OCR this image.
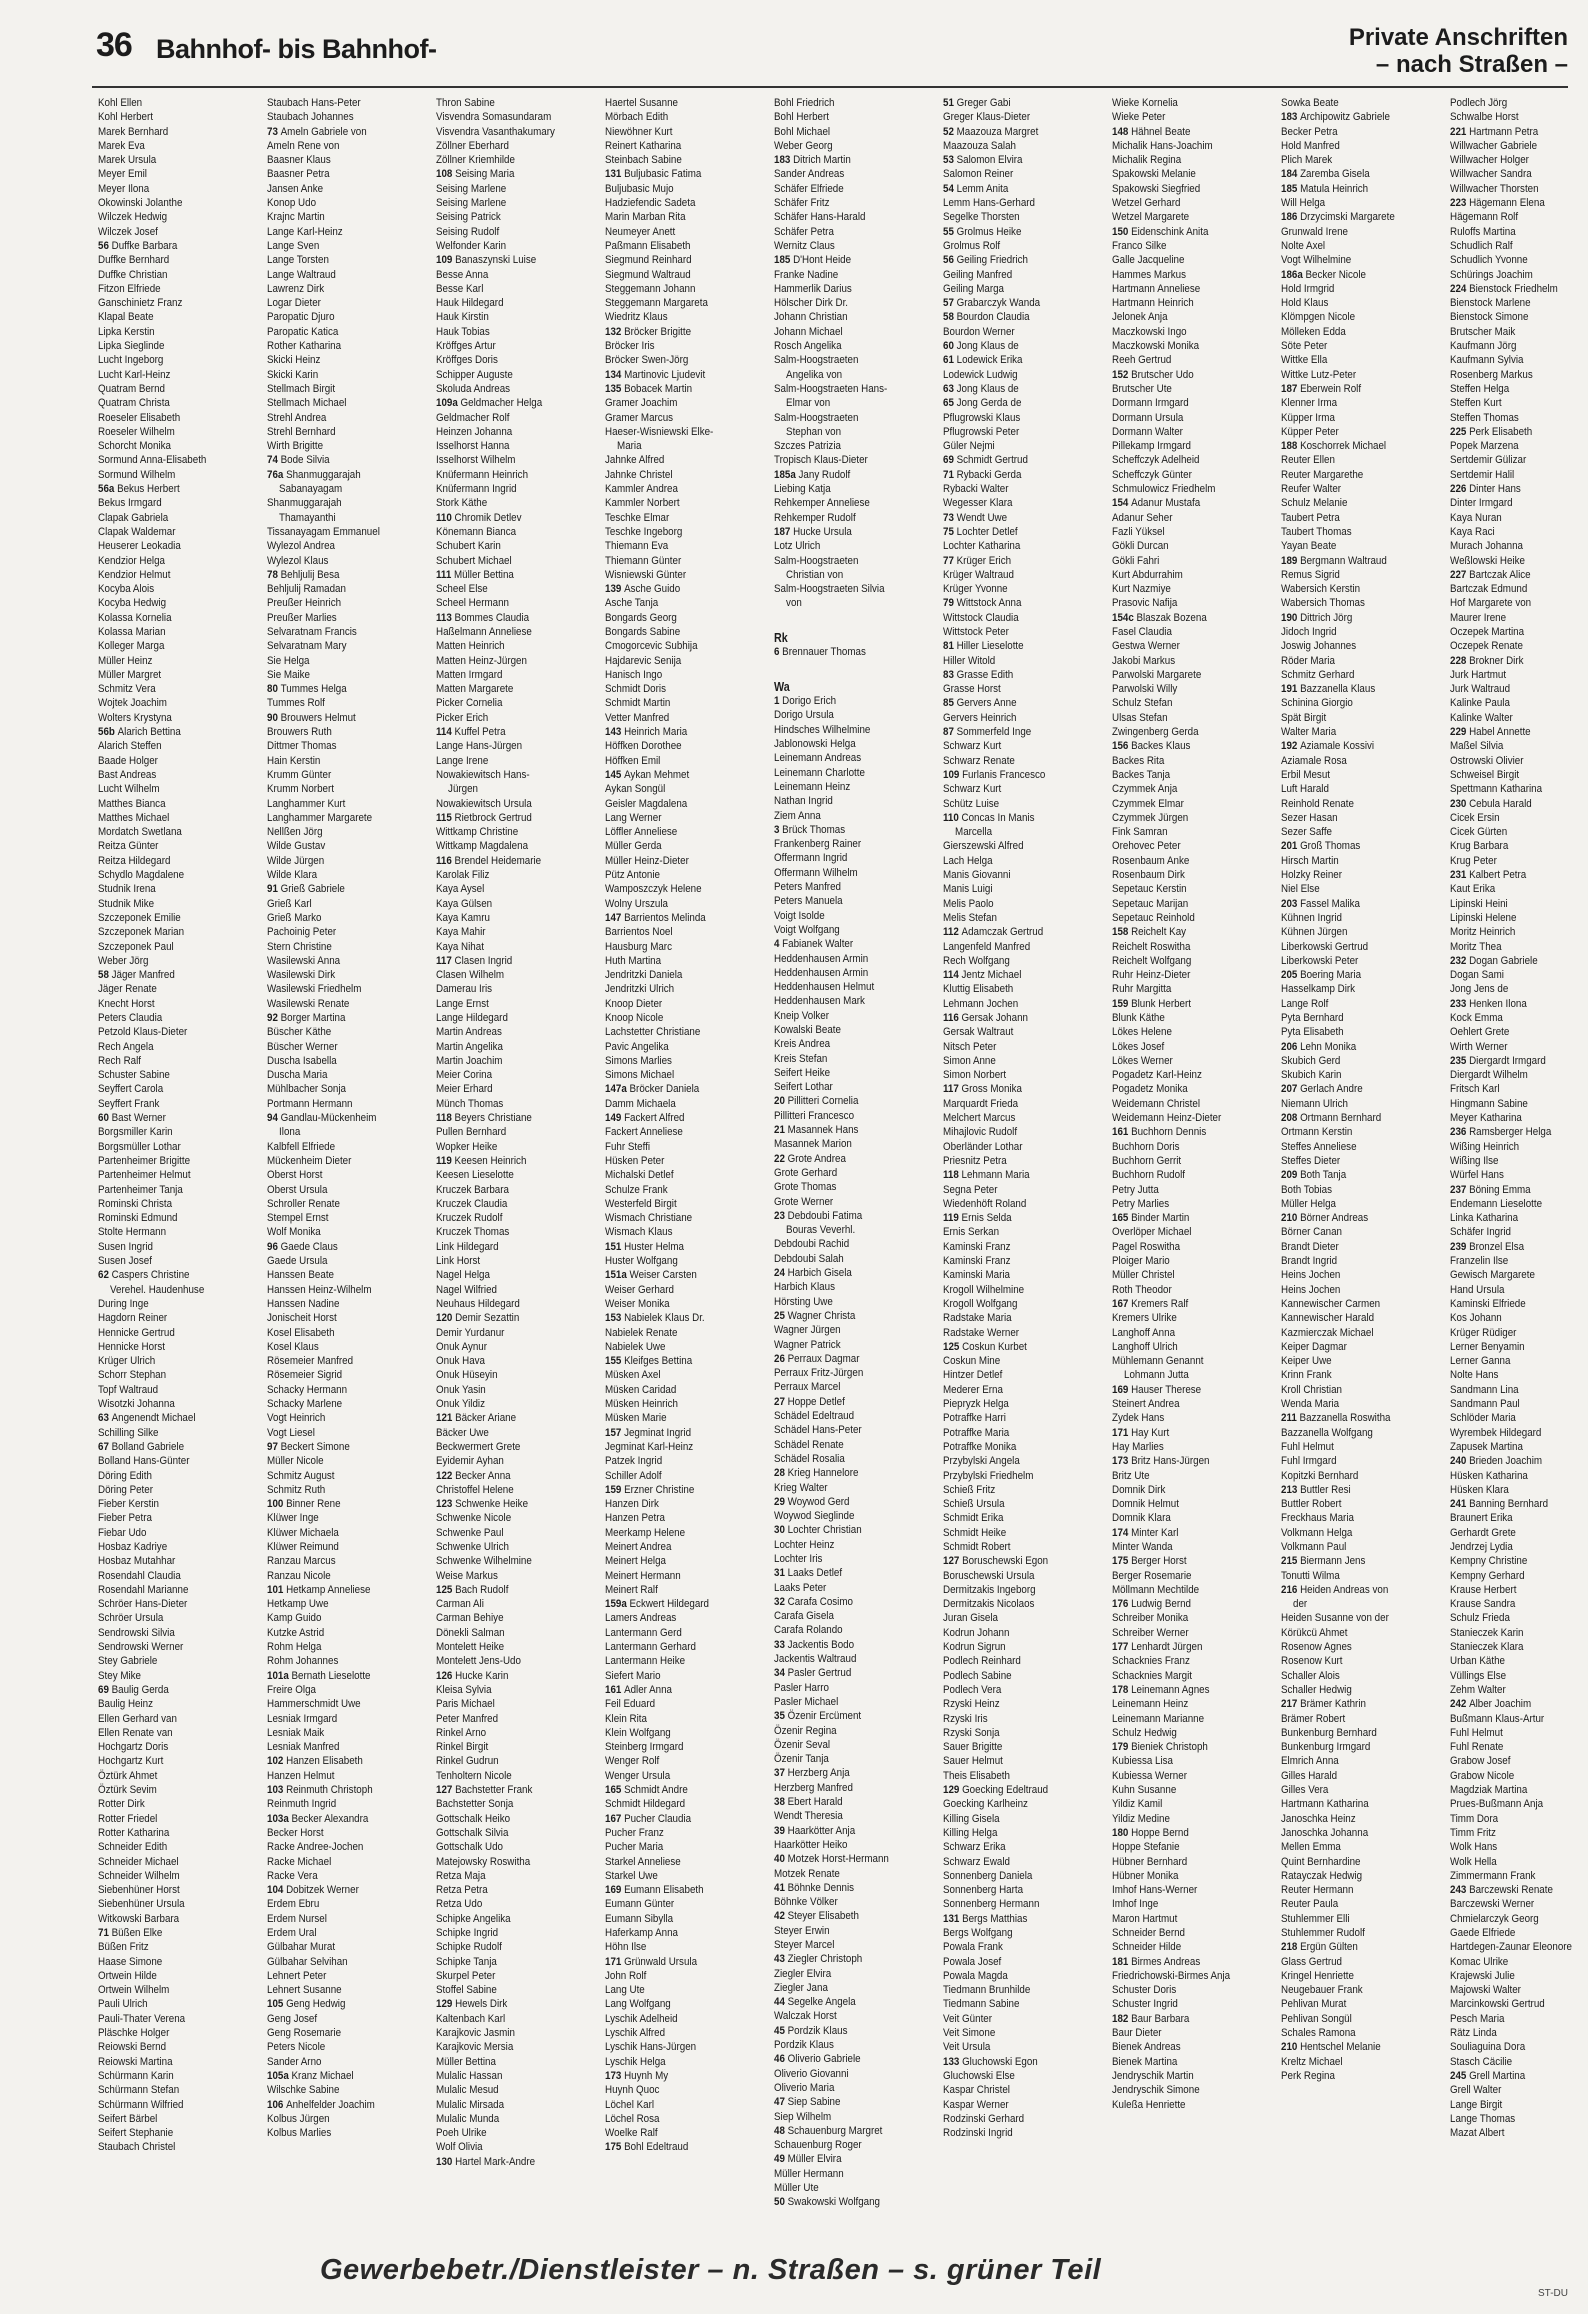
36 Bahnhof- bis Bahnhof-	Private Anschriften
– nach Straßen –
Kohl Ellen
Kohl Herbert
Marek Bernhard
Marek Eva
Marek Ursula
Meyer Emil
Meyer Ilona
Okowinski Jolanthe
Wilczek Hedwig
Wilczek Josef
56 Duffke Barbara
Duffke Bernhard
Duffke Christian
Fitzon Elfriede
Ganschinietz Franz
Klapal Beate
Lipka Kerstin
Lipka Sieglinde
Lucht Ingeborg
Lucht Karl-Heinz
Quatram Bernd
Quatram Christa
Roeseler Elisabeth
Roeseler Wilhelm
Schorcht Monika
Sormund Anna-Elisabeth
Sormund Wilhelm
56a Bekus Herbert
Bekus Irmgard
Clapak Gabriela
Clapak Waldemar
Heuserer Leokadia
Kendzior Helga
Kendzior Helmut
Kocyba Alois
Kocyba Hedwig
Kolassa Kornelia
Kolassa Marian
Kolleger Marga
Müller Heinz
Müller Margret
Schmitz Vera
Wojtek Joachim
Wolters Krystyna
56b Alarich Bettina
Alarich Steffen
Baade Holger
Bast Andreas
Lucht Wilhelm
Matthes Bianca
Matthes Michael
Mordatch Swetlana
Reitza Günter
Reitza Hildegard
Schydlo Magdalene
Studnik Irena
Studnik Mike
Szczeponek Emilie
Szczeponek Marian
Szczeponek Paul
Weber Jörg
58 Jäger Manfred
Jäger Renate
Knecht Horst
Peters Claudia
Petzold Klaus-Dieter
Rech Angela
Rech Ralf
Schuster Sabine
Seyffert Carola
Seyffert Frank
60 Bast Werner
Borgsmiller Karin
Borgsmüller Lothar
Partenheimer Brigitte
Partenheimer Helmut
Partenheimer Tanja
Rominski Christa
Rominski Edmund
Stolte Hermann
Susen Ingrid
Susen Josef
62 Caspers Christine
Verehel. Haudenhuse
During Inge
Hagdorn Reiner
Hennicke Gertrud
Hennicke Horst
Krüger Ulrich
Schorr Stephan
Topf Waltraud
Wisotzki Johanna
63 Angenendt Michael
Schilling Silke
67 Bolland Gabriele
Bolland Hans-Günter
Döring Edith
Döring Peter
Fieber Kerstin
Fieber Petra
Fiebar Udo
Hosbaz Kadriye
Hosbaz Mutahhar
Rosendahl Claudia
Rosendahl Marianne
Schröer Hans-Dieter
Schröer Ursula
Sendrowski Silvia
Sendrowski Werner
Stey Gabriele
Stey Mike
69 Baulig Gerda
Baulig Heinz
Ellen Gerhard van
Ellen Renate van
Hochgartz Doris
Hochgartz Kurt
Öztürk Ahmet
Öztürk Sevim
Rotter Dirk
Rotter Friedel
Rotter Katharina
Schneider Edith
Schneider Michael
Schneider Wilhelm
Siebenhüner Horst
Siebenhüner Ursula
Witkowski Barbara
71 Büßen Elke
Büßen Fritz
Haase Simone
Ortwein Hilde
Ortwein Wilhelm
Pauli Ulrich
Pauli-Thater Verena
Pläschke Holger
Reiowski Bernd
Reiowski Martina
Schürmann Karin
Schürmann Stefan
Schürmann Wilfried
Seifert Bärbel
Seifert Stephanie
Staubach Christel
Staubach Hans-Peter
Staubach Johannes
73 Ameln Gabriele von
Ameln Rene von
Baasner Klaus
Baasner Petra
Jansen Anke
Konop Udo
Krajnc Martin
Lange Karl-Heinz
Lange Sven
Lange Torsten
Lange Waltraud
Lawrenz Dirk
Logar Dieter
Paropatic Djuro
Paropatic Katica
Rother Katharina
Skicki Heinz
Skicki Karin
Stellmach Birgit
Stellmach Michael
Strehl Andrea
Strehl Bernhard
Wirth Brigitte
74 Bode Silvia
76a Shanmuggarajah
Sabanayagam
Shanmuggarajah
Thamayanthi
Tissanayagam Emmanuel
Wylezol Andrea
Wylezol Klaus
78 Behljulij Besa
Behljulij Ramadan
Preußer Heinrich
Preußer Marlies
Selvaratnam Francis
Selvaratnam Mary
Sie Helga
Sie Maike
80 Tummes Helga
Tummes Rolf
90 Brouwers Helmut
Brouwers Ruth
Dittmer Thomas
Hain Kerstin
Krumm Günter
Krumm Norbert
Langhammer Kurt
Langhammer Margarete
Nellßen Jörg
Wilde Gustav
Wilde Jürgen
Wilde Klara
91 Grieß Gabriele
Grieß Karl
Grieß Marko
Pachoinig Peter
Stern Christine
Wasilewski Anna
Wasilewski Dirk
Wasilewski Friedhelm
Wasilewski Renate
92 Borger Martina
Büscher Käthe
Büscher Werner
Duscha Isabella
Duscha Maria
Mühlbacher Sonja
Portmann Hermann
94 Gandlau-Mückenheim
Ilona
Kalbfell Elfriede
Mückenheim Dieter
Oberst Horst
Oberst Ursula
Schroller Renate
Stempel Ernst
Wolf Monika
96 Gaede Claus
Gaede Ursula
Hanssen Beate
Hanssen Heinz-Wilhelm
Hanssen Nadine
Jonischeit Horst
Kosel Elisabeth
Kosel Klaus
Rösemeier Manfred
Rösemeier Sigrid
Schacky Hermann
Schacky Marlene
Vogt Heinrich
Vogt Liesel
97 Beckert Simone
Müller Nicole
Schmitz August
Schmitz Ruth
100 Binner Rene
Klüwer Inge
Klüwer Michaela
Klüwer Reimund
Ranzau Marcus
Ranzau Nicole
101 Hetkamp Anneliese
Hetkamp Uwe
Kamp Guido
Kutzke Astrid
Rohm Helga
Rohm Johannes
101a Bernath Lieselotte
Freire Olga
Hammerschmidt Uwe
Lesniak Irmgard
Lesniak Maik
Lesniak Manfred
102 Hanzen Elisabeth
Hanzen Helmut
103 Reinmuth Christoph
Reinmuth Ingrid
103a Becker Alexandra
Becker Horst
Racke Andree-Jochen
Racke Michael
Racke Vera
104 Dobitzek Werner
Erdem Ebru
Erdem Nursel
Erdem Ural
Gülbahar Murat
Gülbahar Selvihan
Lehnert Peter
Lehnert Susanne
105 Geng Hedwig
Geng Josef
Geng Rosemarie
Peters Nicole
Sander Arno
105a Kranz Michael
Wilschke Sabine
106 Anhelfelder Joachim
Kolbus Jürgen
Kolbus Marlies
Thron Sabine
Visvendra Somasundaram
Visvendra Vasanthakumary
Zöllner Eberhard
Zöllner Kriemhilde
108 Seising Maria
Seising Marlene
Seising Marlene
Seising Patrick
Seising Rudolf
Welfonder Karin
109 Banaszynski Luise
Besse Anna
Besse Karl
Hauk Hildegard
Hauk Kirstin
Hauk Tobias
Kröffges Artur
Kröffges Doris
Schipper Auguste
Skoluda Andreas
109a Geldmacher Helga
Geldmacher Rolf
Heinzen Johanna
Isselhorst Hanna
Isselhorst Wilhelm
Knüfermann Heinrich
Knüfermann Ingrid
Stork Käthe
110 Chromik Detlev
Könemann Bianca
Schubert Karin
Schubert Michael
111 Müller Bettina
Scheel Else
Scheel Hermann
113 Bommes Claudia
Haßelmann Anneliese
Matten Heinrich
Matten Heinz-Jürgen
Matten Irmgard
Matten Margarete
Picker Cornelia
Picker Erich
114 Kuffel Petra
Lange Hans-Jürgen
Lange Irene
Nowakiewitsch Hans-
Jürgen
Nowakiewitsch Ursula
115 Rietbrock Gertrud
Wittkamp Christine
Wittkamp Magdalena
116 Brendel Heidemarie
Karolak Filiz
Kaya Aysel
Kaya Gülsen
Kaya Kamru
Kaya Mahir
Kaya Nihat
117 Clasen Ingrid
Clasen Wilhelm
Damerau Iris
Lange Ernst
Lange Hildegard
Martin Andreas
Martin Angelika
Martin Joachim
Meier Corina
Meier Erhard
Münch Thomas
118 Beyers Christiane
Pullen Bernhard
Wopker Heike
119 Keesen Heinrich
Keesen Lieselotte
Kruczek Barbara
Kruczek Claudia
Kruczek Rudolf
Kruczek Thomas
Link Hildegard
Link Horst
Nagel Helga
Nagel Wilfried
Neuhaus Hildegard
120 Demir Sezattin
Demir Yurdanur
Onuk Aynur
Onuk Hava
Onuk Hüseyin
Onuk Yasin
Onuk Yildiz
121 Bäcker Ariane
Bäcker Uwe
Beckwermert Grete
Eyidemir Ayhan
122 Becker Anna
Christoffel Helene
123 Schwenke Heike
Schwenke Nicole
Schwenke Paul
Schwenke Ulrich
Schwenke Wilhelmine
Weise Markus
125 Bach Rudolf
Carman Ali
Carman Behiye
Dönekli Salman
Montelett Heike
Montelett Jens-Udo
126 Hucke Karin
Kleisa Sylvia
Paris Michael
Peter Manfred
Rinkel Arno
Rinkel Birgit
Rinkel Gudrun
Tenholtern Nicole
127 Bachstetter Frank
Bachstetter Sonja
Gottschalk Heiko
Gottschalk Silvia
Gottschalk Udo
Matejowsky Roswitha
Retza Maja
Retza Petra
Retza Udo
Schipke Angelika
Schipke Ingrid
Schipke Rudolf
Schipke Tanja
Skurpel Peter
Stoffel Sabine
129 Hewels Dirk
Kaltenbach Karl
Karajkovic Jasmin
Karajkovic Mersia
Müller Bettina
Mulalic Hassan
Mulalic Mesud
Mulalic Mirsada
Mulalic Munda
Poeh Ulrike
Wolf Olivia
130 Hartel Mark-Andre
Haertel Susanne
Mörbach Edith
Niewöhner Kurt
Reinert Katharina
Steinbach Sabine
131 Buljubasic Fatima
Buljubasic Mujo
Hadziefendic Sadeta
Marin Marban Rita
Neumeyer Anett
Paßmann Elisabeth
Siegmund Reinhard
Siegmund Waltraud
Steggemann Johann
Steggemann Margareta
Wiedritz Klaus
132 Bröcker Brigitte
Bröcker Iris
Bröcker Swen-Jörg
134 Martinovic Ljudevit
135 Bobacek Martin
Gramer Joachim
Gramer Marcus
Haeser-Wisniewski Elke-
Maria
Jahnke Alfred
Jahnke Christel
Kammler Andrea
Kammler Norbert
Teschke Elmar
Teschke Ingeborg
Thiemann Eva
Thiemann Günter
Wisniewski Günter
139 Asche Guido
Asche Tanja
Bongards Georg
Bongards Sabine
Cmogorcevic Subhija
Hajdarevic Senija
Hanisch Ingo
Schmidt Doris
Schmidt Martin
Vetter Manfred
143 Heinrich Maria
Höffken Dorothee
Höffken Emil
145 Aykan Mehmet
Aykan Songül
Geisler Magdalena
Lang Werner
Löffler Anneliese
Müller Gerda
Müller Heinz-Dieter
Pütz Antonie
Wamposzczyk Helene
Wolny Urszula
147 Barrientos Melinda
Barrientos Noel
Hausburg Marc
Huth Martina
Jendritzki Daniela
Jendritzki Ulrich
Knoop Dieter
Knoop Nicole
Lachstetter Christiane
Pavic Angelika
Simons Marlies
Simons Michael
147a Bröcker Daniela
Damm Michaela
149 Fackert Alfred
Fackert Anneliese
Fuhr Steffi
Hüsken Peter
Michalski Detlef
Schulze Frank
Westerfeld Birgit
Wismach Christiane
Wismach Klaus
151 Huster Helma
Huster Wolfgang
151a Weiser Carsten
Weiser Gerhard
Weiser Monika
153 Nabielek Klaus Dr.
Nabielek Renate
Nabielek Uwe
155 Kleifges Bettina
Müsken Axel
Müsken Caridad
Müsken Heinrich
Müsken Marie
157 Jegminat Ingrid
Jegminat Karl-Heinz
Patzek Ingrid
Schiller Adolf
159 Erzner Christine
Hanzen Dirk
Hanzen Petra
Meerkamp Helene
Meinert Andrea
Meinert Helga
Meinert Hermann
Meinert Ralf
159a Eckwert Hildegard
Lamers Andreas
Lantermann Gerd
Lantermann Gerhard
Lantermann Heike
Siefert Mario
161 Adler Anna
Feil Eduard
Klein Rita
Klein Wolfgang
Steinberg Irmgard
Wenger Rolf
Wenger Ursula
165 Schmidt Andre
Schmidt Hildegard
167 Pucher Claudia
Pucher Franz
Pucher Maria
Starkel Anneliese
Starkel Uwe
169 Eumann Elisabeth
Eumann Günter
Eumann Sibylla
Haferkamp Anna
Höhn Ilse
171 Grünwald Ursula
John Rolf
Lang Ute
Lang Wolfgang
Lyschik Adelheid
Lyschik Alfred
Lyschik Hans-Jürgen
Lyschik Helga
173 Huynh My
Huynh Quoc
Löchel Karl
Löchel Rosa
Woelke Ralf
175 Bohl Edeltraud
Bohl Friedrich
Bohl Herbert
Bohl Michael
Weber Georg
183 Ditrich Martin
Sander Andreas
Schäfer Elfriede
Schäfer Fritz
Schäfer Hans-Harald
Schäfer Petra
Wernitz Claus
185 D'Hont Heide
Franke Nadine
Hammerlik Darius
Hölscher Dirk Dr.
Johann Christian
Johann Michael
Rosch Angelika
Salm-Hoogstraeten
Angelika von
Salm-Hoogstraeten Hans-
Elmar von
Salm-Hoogstraeten
Stephan von
Szczes Patrizia
Tropisch Klaus-Dieter
185a Jany Rudolf
Liebing Katja
Rehkemper Anneliese
Rehkemper Rudolf
187 Hucke Ursula
Lotz Ulrich
Salm-Hoogstraeten
Christian von
Salm-Hoogstraeten Silvia
von

Rk
6 Brennauer Thomas

Wa
1 Dorigo Erich
Dorigo Ursula
Hindsches Wilhelmine
Jablonowski Helga
Leinemann Andreas
Leinemann Charlotte
Leinemann Heinz
Nathan Ingrid
Ziem Anna
3 Brück Thomas
Frankenberg Rainer
Offermann Ingrid
Offermann Wilhelm
Peters Manfred
Peters Manuela
Voigt Isolde
Voigt Wolfgang
4 Fabianek Walter
Heddenhausen Armin
Heddenhausen Armin
Heddenhausen Helmut
Heddenhausen Mark
Kneip Volker
Kowalski Beate
Kreis Andrea
Kreis Stefan
Seifert Heike
Seifert Lothar
20 Pillitteri Cornelia
Pillitteri Francesco
21 Masannek Hans
Masannek Marion
22 Grote Andrea
Grote Gerhard
Grote Thomas
Grote Werner
23 Debdoubi Fatima
Bouras Veverhl.
Debdoubi Rachid
Debdoubi Salah
24 Harbich Gisela
Harbich Klaus
Hörsting Uwe
25 Wagner Christa
Wagner Jürgen
Wagner Patrick
26 Perraux Dagmar
Perraux Fritz-Jürgen
Perraux Marcel
27 Hoppe Detlef
Schädel Edeltraud
Schädel Hans-Peter
Schädel Renate
Schädel Rosalia
28 Krieg Hannelore
Krieg Walter
29 Woywod Gerd
Woywod Sieglinde
30 Lochter Christian
Lochter Heinz
Lochter Iris
31 Laaks Detlef
Laaks Peter
32 Carafa Cosimo
Carafa Gisela
Carafa Rolando
33 Jackentis Bodo
Jackentis Waltraud
34 Pasler Gertrud
Pasler Harro
Pasler Michael
35 Özenir Ercüment
Özenir Regina
Özenir Seval
Özenir Tanja
37 Herzberg Anja
Herzberg Manfred
38 Ebert Harald
Wendt Theresia
39 Haarkötter Anja
Haarkötter Heiko
40 Motzek Horst-Hermann
Motzek Renate
41 Böhnke Dennis
Böhnke Völker
42 Steyer Elisabeth
Steyer Erwin
Steyer Marcel
43 Ziegler Christoph
Ziegler Elvira
Ziegler Jana
44 Segelke Angela
Walczak Horst
45 Pordzik Klaus
Pordzik Klaus
46 Oliverio Gabriele
Oliverio Giovanni
Oliverio Maria
47 Siep Sabine
Siep Wilhelm
48 Schauenburg Margret
Schauenburg Roger
49 Müller Elvira
Müller Hermann
Müller Ute
50 Swakowski Wolfgang
51 Greger Gabi
Greger Klaus-Dieter
52 Maazouza Margret
Maazouza Salah
53 Salomon Elvira
Salomon Reiner
54 Lemm Anita
Lemm Hans-Gerhard
Segelke Thorsten
55 Grolmus Heike
Grolmus Rolf
56 Geiling Friedrich
Geiling Manfred
Geiling Marga
57 Grabarczyk Wanda
58 Bourdon Claudia
Bourdon Werner
60 Jong Klaus de
61 Lodewick Erika
Lodewick Ludwig
63 Jong Klaus de
65 Jong Gerda de
Pflugrowski Klaus
Pflugrowski Peter
Güler Nejmi
69 Schmidt Gertrud
71 Rybacki Gerda
Rybacki Walter
Wegesser Klara
73 Wendt Uwe
75 Lochter Detlef
Lochter Katharina
77 Krüger Erich
Krüger Waltraud
Krüger Yvonne
79 Wittstock Anna
Wittstock Claudia
Wittstock Peter
81 Hiller Lieselotte
Hiller Witold
83 Grasse Edith
Grasse Horst
85 Gervers Anne
Gervers Heinrich
87 Sommerfeld Inge
Schwarz Kurt
Schwarz Renate
109 Furlanis Francesco
Schwarz Kurt
Schütz Luise
110 Concas In Manis
Marcella
Gierszewski Alfred
Lach Helga
Manis Giovanni
Manis Luigi
Melis Paolo
Melis Stefan
112 Adamczak Gertrud
Langenfeld Manfred
Rech Wolfgang
114 Jentz Michael
Kluttig Elisabeth
Lehmann Jochen
116 Gersak Johann
Gersak Waltraut
Nitsch Peter
Simon Anne
Simon Norbert
117 Gross Monika
Marquardt Frieda
Melchert Marcus
Mihajlovic Rudolf
Oberländer Lothar
Priesnitz Petra
118 Lehmann Maria
Segna Peter
Wiedenhöft Roland
119 Ernis Selda
Ernis Serkan
Kaminski Franz
Kaminski Franz
Kaminski Maria
Krogoll Wilhelmine
Krogoll Wolfgang
Radstake Maria
Radstake Werner
125 Coskun Kurbet
Coskun Mine
Hintzer Detlef
Mederer Erna
Piepryzk Helga
Potraffke Harri
Potraffke Maria
Potraffke Monika
Przybylski Angela
Przybylski Friedhelm
Schieß Fritz
Schieß Ursula
Schmidt Erika
Schmidt Heike
Schmidt Robert
127 Boruschewski Egon
Boruschewski Ursula
Dermitzakis Ingeborg
Dermitzakis Nicolaos
Juran Gisela
Kodrun Johann
Kodrun Sigrun
Podlech Reinhard
Podlech Sabine
Podlech Vera
Rzyski Heinz
Rzyski Iris
Rzyski Sonja
Sauer Brigitte
Sauer Helmut
Theis Elisabeth
129 Goecking Edeltraud
Goecking Karlheinz
Killing Gisela
Killing Helga
Schwarz Erika
Schwarz Ewald
Sonnenberg Daniela
Sonnenberg Harta
Sonnenberg Hermann
131 Bergs Matthias
Bergs Wolfgang
Powala Frank
Powala Josef
Powala Magda
Tiedmann Brunhilde
Tiedmann Sabine
Veit Günter
Veit Simone
Veit Ursula
133 Gluchowski Egon
Gluchowski Else
Kaspar Christel
Kaspar Werner
Rodzinski Gerhard
Rodzinski Ingrid
Wieke Kornelia
Wieke Peter
148 Hähnel Beate
Michalik Hans-Joachim
Michalik Regina
Spakowski Melanie
Spakowski Siegfried
Wetzel Gerhard
Wetzel Margarete
150 Eidenschink Anita
Franco Silke
Galle Jacqueline
Hammes Markus
Hartmann Anneliese
Hartmann Heinrich
Jelonek Anja
Maczkowski Ingo
Maczkowski Monika
Reeh Gertrud
152 Brutscher Udo
Brutscher Ute
Dormann Irmgard
Dormann Ursula
Dormann Walter
Pillekamp Irmgard
Scheffczyk Adelheid
Scheffczyk Günter
Schmulowicz Friedhelm
154 Adanur Mustafa
Adanur Seher
Fazli Yüksel
Gökli Durcan
Gökli Fahri
Kurt Abdurrahim
Kurt Nazmiye
Prasovic Nafija
154c Blaszak Bozena
Fasel Claudia
Gestwa Werner
Jakobi Markus
Parwolski Margarete
Parwolski Willy
Schulz Stefan
Ulsas Stefan
Zwingenberg Gerda
156 Backes Klaus
Backes Rita
Backes Tanja
Czymmek Anja
Czymmek Elmar
Czymmek Jürgen
Fink Samran
Orehovec Peter
Rosenbaum Anke
Rosenbaum Dirk
Sepetauc Kerstin
Sepetauc Marijan
Sepetauc Reinhold
158 Reichelt Kay
Reichelt Roswitha
Reichelt Wolfgang
Ruhr Heinz-Dieter
Ruhr Margitta
159 Blunk Herbert
Blunk Käthe
Lökes Helene
Lökes Josef
Lökes Werner
Pogadetz Karl-Heinz
Pogadetz Monika
Weidemann Christel
Weidemann Heinz-Dieter
161 Buchhorn Dennis
Buchhorn Doris
Buchhorn Gerrit
Buchhorn Rudolf
Petry Jutta
Petry Marlies
165 Binder Martin
Overlöper Michael
Pagel Roswitha
Ploiger Mario
Müller Christel
Roth Theodor
167 Kremers Ralf
Kremers Ulrike
Langhoff Anna
Langhoff Ulrich
Mühlemann Genannt
Lohmann Jutta
169 Hauser Therese
Steinert Andrea
Zydek Hans
171 Hay Kurt
Hay Marlies
173 Britz Hans-Jürgen
Britz Ute
Domnik Dirk
Domnik Helmut
Domnik Klara
174 Minter Karl
Minter Wanda
175 Berger Horst
Berger Rosemarie
Möllmann Mechtilde
176 Ludwig Bernd
Schreiber Monika
Schreiber Werner
177 Lenhardt Jürgen
Schacknies Franz
Schacknies Margit
178 Leinemann Agnes
Leinemann Heinz
Leinemann Marianne
Schulz Hedwig
179 Bieniek Christoph
Kubiessa Lisa
Kubiessa Werner
Kuhn Susanne
Yildiz Kamil
Yildiz Medine
180 Hoppe Bernd
Hoppe Stefanie
Hübner Bernhard
Hübner Monika
Imhof Hans-Werner
Imhof Inge
Maron Hartmut
Schneider Bernd
Schneider Hilde
181 Birmes Andreas
Friedrichowski-Birmes Anja
Schuster Doris
Schuster Ingrid
182 Baur Barbara
Baur Dieter
Bienek Andreas
Bienek Martina
Jendryschik Martin
Jendryschik Simone
Kuleßa Henriette
Sowka Beate
183 Archipowitz Gabriele
Becker Petra
Hold Manfred
Plich Marek
184 Zaremba Gisela
185 Matula Heinrich
Will Helga
186 Drzycimski Margarete
Grunwald Irene
Nolte Axel
Vogt Wilhelmine
186a Becker Nicole
Hold Irmgrid
Hold Klaus
Klömpgen Nicole
Mölleken Edda
Söte Peter
Wittke Ella
Wittke Lutz-Peter
187 Eberwein Rolf
Klenner Irma
Küpper Irma
Küpper Peter
188 Koschorrek Michael
Reuter Ellen
Reuter Margarethe
Reufer Walter
Schulz Melanie
Taubert Petra
Taubert Thomas
Yayan Beate
189 Bergmann Waltraud
Remus Sigrid
Wabersich Kerstin
Wabersich Thomas
190 Dittrich Jörg
Jidoch Ingrid
Joswig Johannes
Röder Maria
Schmitz Gerhard
191 Bazzanella Klaus
Schinina Giorgio
Spät Birgit
Walter Maria
192 Aziamale Kossivi
Aziamale Rosa
Erbil Mesut
Luft Harald
Reinhold Renate
Sezer Hasan
Sezer Saffe
201 Groß Thomas
Hirsch Martin
Holzky Reiner
Niel Else
203 Fassel Malika
Kühnen Ingrid
Kühnen Jürgen
Liberkowski Gertrud
Liberkowski Peter
205 Boering Maria
Hasselkamp Dirk
Lange Rolf
Pyta Bernhard
Pyta Elisabeth
206 Lehn Monika
Skubich Gerd
Skubich Karin
207 Gerlach Andre
Niemann Ulrich
208 Ortmann Bernhard
Ortmann Kerstin
Steffes Anneliese
Steffes Dieter
209 Both Tanja
Both Tobias
Müller Helga
210 Börner Andreas
Börner Canan
Brandt Dieter
Brandt Ingrid
Heins Jochen
Heins Jochen
Kannewischer Carmen
Kannewischer Harald
Kazmierczak Michael
Keiper Dagmar
Keiper Uwe
Krinn Frank
Kroll Christian
Wenda Maria
211 Bazzanella Roswitha
Bazzanella Wolfgang
Fuhl Helmut
Fuhl Irmgard
Kopitzki Bernhard
213 Buttler Resi
Buttler Robert
Freckhaus Maria
Volkmann Helga
Volkmann Paul
215 Biermann Jens
Tonutti Wilma
216 Heiden Andreas von
der
Heiden Susanne von der
Körükcü Ahmet
Rosenow Agnes
Rosenow Kurt
Schaller Alois
Schaller Hedwig
217 Brämer Kathrin
Brämer Robert
Bunkenburg Bernhard
Bunkenburg Irmgard
Elmrich Anna
Gilles Harald
Gilles Vera
Hartmann Katharina
Janoschka Heinz
Janoschka Johanna
Mellen Emma
Quint Bernhardine
Ratayczak Hedwig
Reuter Hermann
Reuter Paula
Stuhlemmer Elli
Stuhlemmer Rudolf
218 Ergün Gülten
Glass Gertrud
Kringel Henriette
Neugebauer Frank
Pehlivan Murat
Pehlivan Songül
Schales Ramona
210 Hentschel Melanie
Kreltz Michael
Perk Regina
Podlech Jörg
Schwalbe Horst
221 Hartmann Petra
Willwacher Gabriele
Willwacher Holger
Willwacher Sandra
Willwacher Thorsten
223 Hägemann Elena
Hägemann Rolf
Ruloffs Martina
Schudlich Ralf
Schudlich Yvonne
Schürings Joachim
224 Bienstock Friedhelm
Bienstock Marlene
Bienstock Simone
Brutscher Maik
Kaufmann Jörg
Kaufmann Sylvia
Rosenberg Markus
Steffen Helga
Steffen Kurt
Steffen Thomas
225 Perk Elisabeth
Popek Marzena
Sertdemir Gülizar
Sertdemir Halil
226 Dinter Hans
Dinter Irmgard
Kaya Nuran
Kaya Raci
Murach Johanna
Weßlowski Heike
227 Bartczak Alice
Bartczak Edmund
Hof Margarete von
Maurer Irene
Oczepek Martina
Oczepek Renate
228 Brokner Dirk
Jurk Hartmut
Jurk Waltraud
Kalinke Paula
Kalinke Walter
229 Habel Annette
Maßel Silvia
Ostrowski Olivier
Schweisel Birgit
Spettmann Katharina
230 Cebula Harald
Cicek Ersin
Cicek Gürten
Krug Barbara
Krug Peter
231 Kalbert Petra
Kaut Erika
Lipinski Heini
Lipinski Helene
Moritz Heinrich
Moritz Thea
232 Dogan Gabriele
Dogan Sami
Jong Jens de
233 Henken Ilona
Kock Emma
Oehlert Grete
Wirth Werner
235 Diergardt Irmgard
Diergardt Wilhelm
Fritsch Karl
Hingmann Sabine
Meyer Katharina
236 Ramsberger Helga
Wißing Heinrich
Wißing Ilse
Würfel Hans
237 Böning Emma
Endemann Lieselotte
Linka Katharina
Schäfer Ingrid
239 Bronzel Elsa
Franzelin Ilse
Gewisch Margarete
Hand Ursula
Kaminski Elfriede
Kos Johann
Krüger Rüdiger
Lerner Benyamin
Lerner Ganna
Nolte Hans
Sandmann Lina
Sandmann Paul
Schlöder Maria
Wyrembek Hildegard
Zapusek Martina
240 Brieden Joachim
Hüsken Katharina
Hüsken Klara
241 Banning Bernhard
Braunert Erika
Gerhardt Grete
Jendrzej Lydia
Kempny Christine
Kempny Gerhard
Krause Herbert
Krause Sandra
Schulz Frieda
Stanieczek Karin
Stanieczek Klara
Urban Käthe
Vüllings Else
Zehm Walter
242 Alber Joachim
Bußmann Klaus-Artur
Fuhl Helmut
Fuhl Renate
Grabow Josef
Grabow Nicole
Magdziak Martina
Prues-Bußmann Anja
Timm Dora
Timm Fritz
Wolk Hans
Wolk Hella
Zimmermann Frank
243 Barczewski Renate
Barczewski Werner
Chmielarczyk Georg
Gaede Elfriede
Hartdegen-Zaunar Eleonore
Komac Ulrike
Krajewski Julie
Majowski Walter
Marcinkowski Gertrud
Pesch Maria
Rätz Linda
Souliaguina Dora
Stasch Cäcilie
245 Grell Martina
Grell Walter
Lange Birgit
Lange Thomas
Mazat Albert
Gewerbebetr./Dienstleister – n. Straßen – s. grüner Teil
ST-DU
